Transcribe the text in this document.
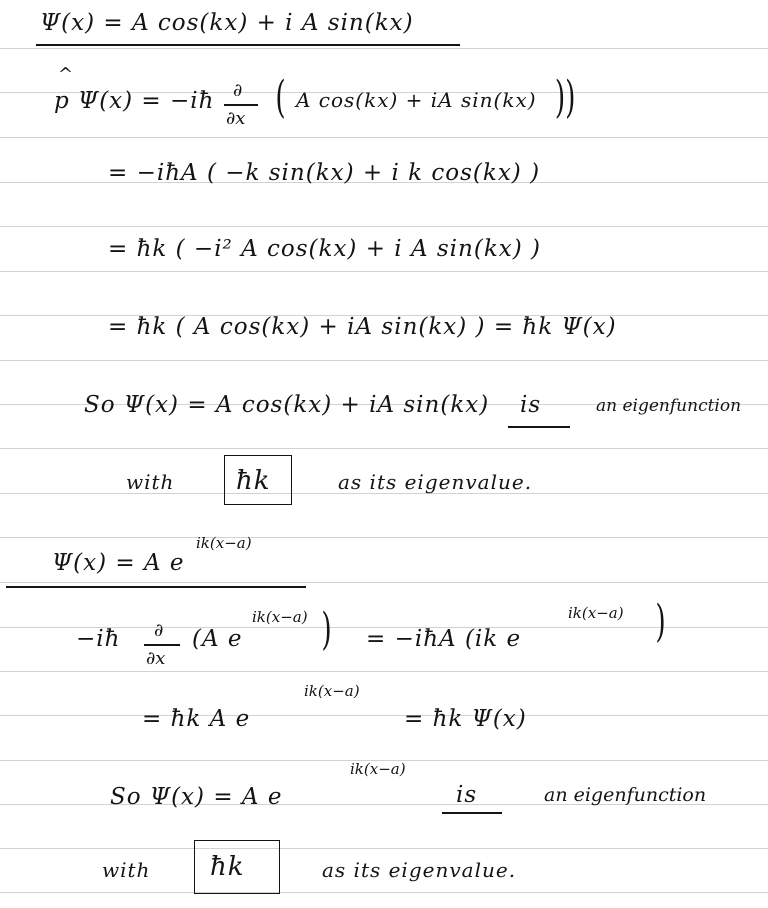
Ψ(x) = A cos(kx) + i A sin(kx)
^
p Ψ(x) = −iħ ∂
∂x ( A cos(kx) + iA sin(kx) ))
= −iħA ( −k sin(kx) + i k cos(kx) )
= ħk ( −i² A cos(kx) + i A sin(kx) )
= ħk ( A cos(kx) + iA sin(kx) ) = ħk Ψ(x)
So Ψ(x) = A cos(kx) + iA sin(kx) is	an eigenfunction
with ħk	as its eigenvalue.
Ψ(x) = A e
ik(x−a)
−iħ ∂
∂x
(A e
ik(x−a) ) = −iħA (ik e
ik(x−a) )
= ħk A e
ik(x−a)
= ħk Ψ(x)
So Ψ(x) = A e
ik(x−a)
is	an eigenfunction
with ħk	as its eigenvalue.
